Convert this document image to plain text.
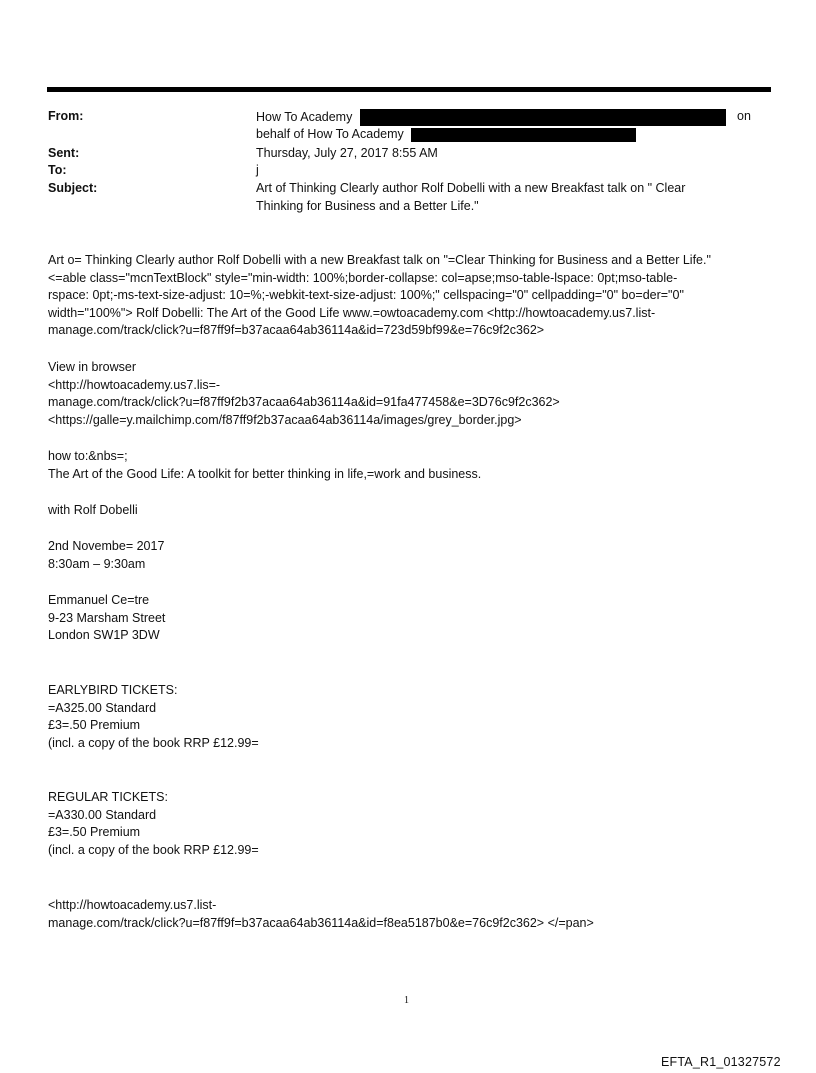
From:
Sent:
To:
Subject:
How To Academy	on
behalf of How To Academy
Thursday, July 27, 2017 8:55 AM
j
Art of Thinking Clearly author Rolf Dobelli with a new Breakfast talk on " Clear
Thinking for Business and a Better Life."

Art o= Thinking Clearly author Rolf Dobelli with a new Breakfast talk on "=Clear Thinking for Business and a Better Life."

<=able class="mcnTextBlock" style="min-width: 100%;border-collapse: col=apse;mso-table-lspace: 0pt;mso-table-

rspace: 0pt;-ms-text-size-adjust: 10=%;-webkit-text-size-adjust: 100%;" cellspacing="0" cellpadding="0" bo=der="0"

width="100%"> Rolf Dobelli: The Art of the Good Life www.=owtoacademy.com <http://howtoacademy.us7.list-

manage.com/track/click?u=f87ff9f=b37acaa64ab36114a&id=723d59bf99&e=76c9f2c362>

View in browser

<http://howtoacademy.us7.lis=-

manage.com/track/click?u=f87ff9f2b37acaa64ab36114a&id=91fa477458&e=3D76c9f2c362>

<https://galle=y.mailchimp.com/f87ff9f2b37acaa64ab36114a/images/grey_border.jpg>

how to:&nbs=;

The Art of the Good Life: A toolkit for better thinking in life,=work and business.

with Rolf Dobelli

2nd Novembe= 2017

8:30am – 9:30am

Emmanuel Ce=tre

9-23 Marsham Street

London SW1P 3DW

EARLYBIRD TICKETS:

=A325.00 Standard

£3=.50 Premium

(incl. a copy of the book RRP £12.99=

REGULAR TICKETS:

=A330.00 Standard

£3=.50 Premium

(incl. a copy of the book RRP £12.99=

<http://howtoacademy.us7.list-

manage.com/track/click?u=f87ff9f=b37acaa64ab36114a&id=f8ea5187b0&e=76c9f2c362> </=pan>

1
EFTA_R1_01327572
